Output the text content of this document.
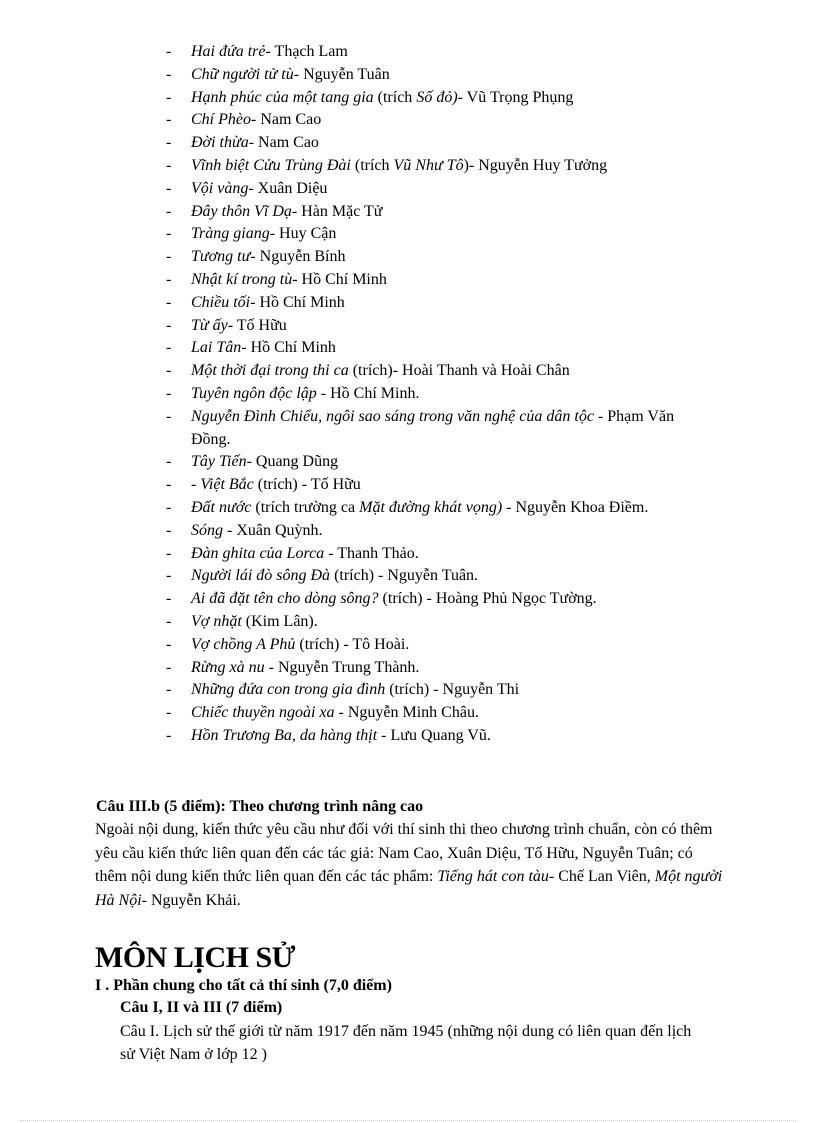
- Hai đứa trẻ- Thạch Lam
- Chữ người tử tù- Nguyễn Tuân
- Hạnh phúc của một tang gia (trích Số đỏ)- Vũ Trọng Phụng
- Chí Phèo- Nam Cao
- Đời thừa- Nam Cao
- Vĩnh biệt Cửu Trùng Đài (trích Vũ Như Tô)- Nguyễn Huy Tưởng
- Vội vàng- Xuân Diệu
- Đây thôn Vĩ Dạ- Hàn Mặc Tử
- Tràng giang- Huy Cận
- Tương tư- Nguyễn Bính
- Nhật kí trong tù- Hồ Chí Minh
- Chiều tối- Hồ Chí Minh
- Từ ấy- Tố Hữu
- Lai Tân- Hồ Chí Minh
- Một thời đại trong thi ca (trích)- Hoài Thanh và Hoài Chân
- Tuyên ngôn độc lập - Hồ Chí Minh.
- Nguyễn Đình Chiểu, ngôi sao sáng trong văn nghệ của dân tộc - Phạm Văn Đồng.
- Tây Tiến- Quang Dũng
- - Việt Bắc (trích) - Tố Hữu
- Đất nước (trích trường ca Mặt đường khát vọng) - Nguyễn Khoa Điềm.
- Sóng - Xuân Quỳnh.
- Đàn ghita của Lorca - Thanh Thảo.
- Người lái đò sông Đà (trích) - Nguyễn Tuân.
- Ai đã đặt tên cho dòng sông? (trích) - Hoàng Phủ Ngọc Tường.
- Vợ nhặt (Kim Lân).
- Vợ chồng A Phủ (trích) - Tô Hoài.
- Rừng xà nu - Nguyễn Trung Thành.
- Những đứa con trong gia đình (trích) - Nguyễn Thi
- Chiếc thuyền ngoài xa - Nguyễn Minh Châu.
- Hồn Trương Ba, da hàng thịt - Lưu Quang Vũ.
Câu III.b (5 điểm): Theo chương trình nâng cao
Ngoài nội dung, kiến thức yêu cầu như đối với thí sinh thi theo chương trình chuẩn, còn có thêm yêu cầu kiến thức liên quan đến các tác giả: Nam Cao, Xuân Diệu, Tố Hữu, Nguyễn Tuân; có thêm nội dung kiến thức liên quan đến các tác phẩm: Tiếng hát con tàu- Chế Lan Viên, Một người Hà Nội- Nguyễn Khải.
MÔN LỊCH SỬ
I . Phần chung cho tất cả thí sinh (7,0 điểm)
Câu I, II và III (7 điểm)
Câu I. Lịch sử thế giới từ năm 1917 đến năm 1945 (những nội dung có liên quan đến lịch sử Việt Nam ở lớp 12 )
